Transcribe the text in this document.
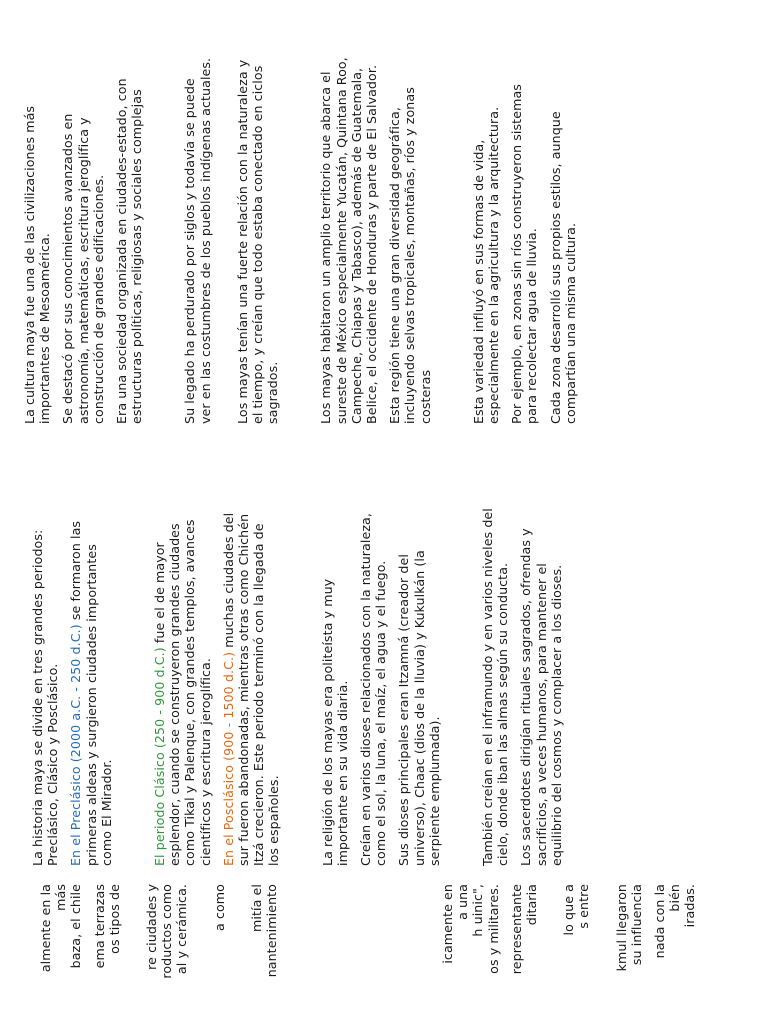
La cultura maya fue una de las civilizaciones más importantes de Mesoamérica. Se destacó por sus conocimientos avanzados en astronomía, matemáticas, escritura jeroglífica y construcción de grandes edificaciones. Era una sociedad organizada en ciudades-estado, con estructuras políticas, religiosas y sociales complejas	Su legado ha perdurado por siglos y todavía se puede ver en las costumbres de los pueblos indígenas actuales. Los mayas tenían una fuerte relación con la naturaleza y el tiempo, y creían que todo estaba conectado en ciclos sagrados.	Los mayas habitaron un amplio territorio que abarca el sureste de México especialmente Yucatán, Quintana Roo, Campeche, Chiapas y Tabasco), además de Guatemala, Belice, el occidente de Honduras y parte de El Salvador. Esta región tiene una gran diversidad geográfica, incluyendo selvas tropicales, montañas, ríos y zonas costeras	Esta variedad influyó en sus formas de vida, especialmente en la agricultura y la arquitectura. Por ejemplo, en zonas sin ríos construyeron sistemas para recolectar agua de lluvia. Cada zona desarrolló sus propios estilos, aunque compartían una misma cultura.

La historia maya se divide en tres grandes periodos: Preclásico, Clásico y Posclásico. En el Preclásico (2000 a.C. - 250 d.C.) se formaron las primeras aldeas y surgieron ciudades importantes como El Mirador.	El periodo Clásico (250 - 900 d.C.) fue el de mayor esplendor, cuando se construyeron grandes ciudades como Tikal y Palenque, con grandes templos, avances científicos y escritura jeroglífica. En el Posclásico (900 - 1500 d.C.) muchas ciudades del sur fueron abandonadas, mientras otras como Chichén Itzá crecieron. Este periodo terminó con la llegada de los españoles.	La religión de los mayas era politeísta y muy importante en su vida diaria. Creían en varios dioses relacionados con la naturaleza, como el sol, la luna, el maíz, el agua y el fuego. Sus dioses principales eran Itzamná (creador del universo), Chaac (dios de la lluvia) y Kukulkán (la serpiente emplumada).	También creían en el inframundo y en varios niveles del cielo, donde iban las almas según su conducta. Los sacerdotes dirigían rituales sagrados, ofrendas y sacrificios, a veces humanos, para mantener el equilibrio del cosmos y complacer a los dioses.

almente en la más baza, el chile ema terrazas os tipos de re ciudades y roductos como al y cerámica. a como mitía el nantenimiento	icamente en a una h uinic", os y militares. representante ditaria lo que a s entre kmul llegaron su influencia nada con la bién iradas.
